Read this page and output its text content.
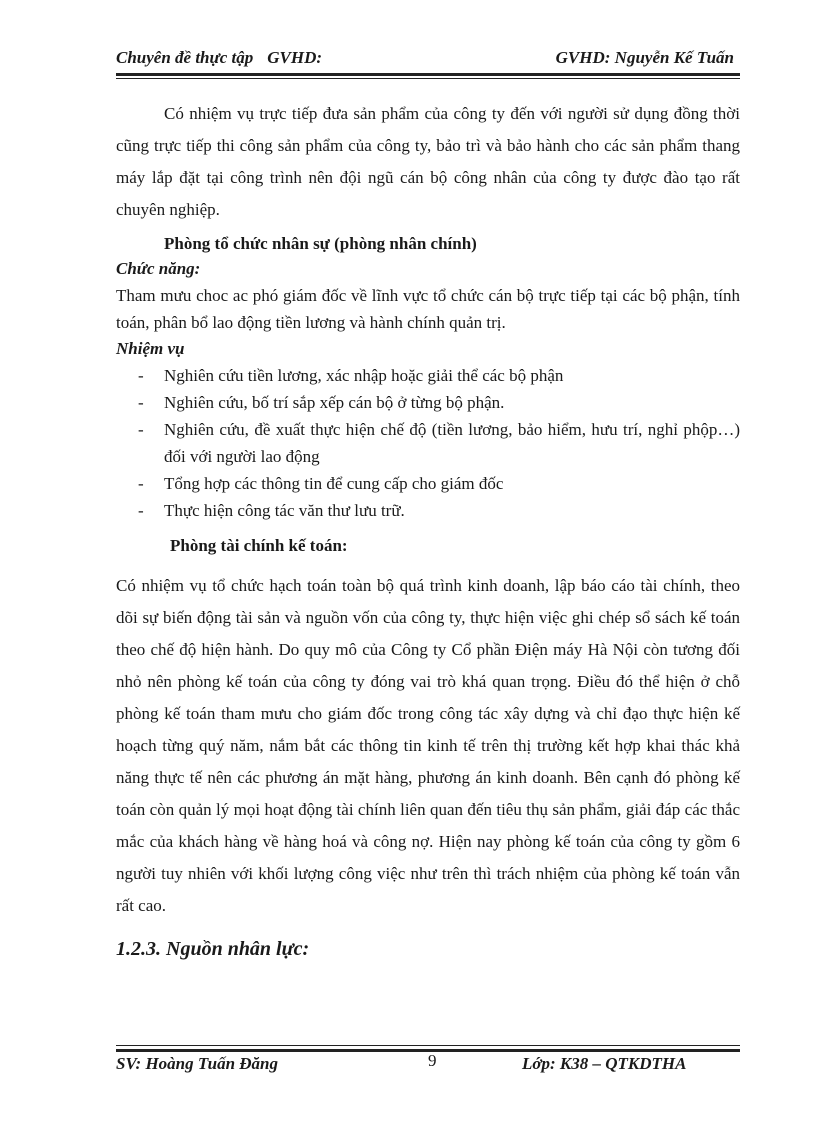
Chuyên đề thực tập GVHD:	GVHD: Nguyễn Kế Tuấn

Có nhiệm vụ trực tiếp đưa sản phẩm của công ty đến với người sử dụng đồng thời cũng trực tiếp thi công sản phẩm của công ty, bảo trì và bảo hành cho các sản phẩm thang máy lắp đặt tại công trình nên đội ngũ cán bộ công nhân của công ty được đào tạo rất chuyên nghiệp.

Phòng tổ chức nhân sự (phòng nhân chính)
Chức năng:

Tham mưu choc ac phó giám đốc về lĩnh vực tổ chức cán bộ trực tiếp tại các bộ phận, tính toán, phân bổ lao động tiền lương và hành chính quản trị.

Nhiệm vụ
- Nghiên cứu tiền lương, xác nhập hoặc giải thể các bộ phận
- Nghiên cứu, bố trí sắp xếp cán bộ ở từng bộ phận.
- Nghiên cứu, đề xuất thực hiện chế độ (tiền lương, bảo hiểm, hưu trí, nghỉ phộp…) đối với người lao động
- Tổng hợp các thông tin để cung cấp cho giám đốc
- Thực hiện công tác văn thư lưu trữ.
Phòng tài chính kế toán:

Có nhiệm vụ tổ chức hạch toán toàn bộ quá trình kinh doanh, lập báo cáo tài chính, theo dõi sự biến động tài sản và nguồn vốn của công ty, thực hiện việc ghi chép sổ sách kế toán theo chế độ hiện hành. Do quy mô của Công ty Cổ phần Điện máy Hà Nội còn tương đối nhỏ nên phòng kế toán của công ty đóng vai trò khá quan trọng. Điều đó thể hiện ở chỗ phòng kế toán tham mưu cho giám đốc trong công tác xây dựng và chỉ đạo thực hiện kế hoạch từng quý năm, nắm bắt các thông tin kinh tế trên thị trường kết hợp khai thác khả năng thực tế nên các phương án mặt hàng, phương án kinh doanh. Bên cạnh đó phòng kế toán còn quản lý mọi hoạt động tài chính liên quan đến tiêu thụ sản phẩm, giải đáp các thắc mắc của khách hàng về hàng hoá và công nợ. Hiện nay phòng kế toán của công ty gồm 6 người tuy nhiên với khối lượng công việc như trên thì trách nhiệm của phòng kế toán vẫn rất cao.

1.2.3. Nguồn nhân lực:
SV: Hoàng Tuấn Đăng	9	Lớp: K38 – QTKDTHA
